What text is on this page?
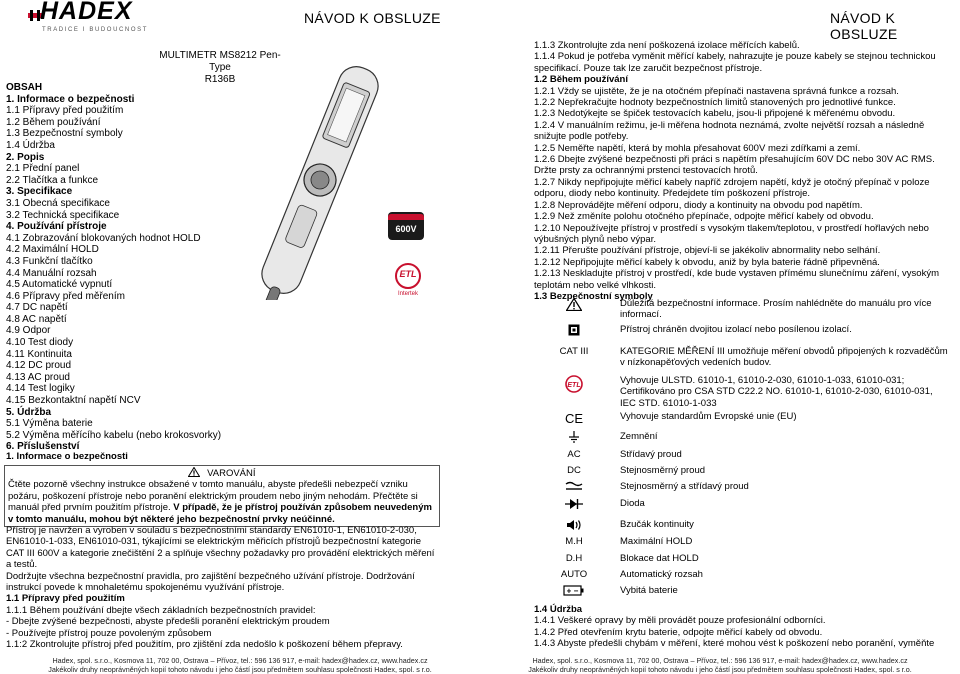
HADEX
TRADICE I BUDOUCNOST
NÁVOD K OBSLUZE
MULTIMETR MS8212 Pen-Type
R136B
OBSAH
1. Informace o bezpečnosti
1.1 Přípravy před použitím
1.2 Během používání
1.3 Bezpečnostní symboly
1.4 Údržba
2. Popis
2.1 Přední panel
2.2 Tlačítka a funkce
3. Specifikace
3.1 Obecná specifikace
3.2 Technická specifikace
4. Používání přístroje
4.1 Zobrazování blokovaných hodnot HOLD
4.2 Maximální HOLD
4.3 Funkční tlačítko
4.4 Manuální rozsah
4.5 Automatické vypnutí
4.6 Přípravy před měřením
4.7 DC napětí
4.8 AC napětí
4.9 Odpor
4.10 Test diody
4.11 Kontinuita
4.12 DC proud
4.13 AC proud
4.14 Test logiky
4.15 Bezkontaktní napětí NCV
5. Údržba
5.1 Výměna baterie
5.2 Výměna měřícího kabelu (nebo krokosvorky)
6. Příslušenství
600V
ETL
Intertek
1. Informace o bezpečnosti
VAROVÁNÍ
Čtěte pozorně všechny instrukce obsažené v tomto manuálu, abyste předešli nebezpečí vzniku požáru, poškození přístroje nebo poranění elektrickým proudem nebo jiným nehodám. Přečtěte si manuál před prvním použitím přístroje. V případě, že je přístroj používán způsobem neuvedeným v tomto manuálu, mohou být některé jeho bezpečnostní prvky neúčinné.
Přístroj je navržen a vyroben v souladu s bezpečnostními standardy EN61010-1, EN61010-2-030, EN61010-1-033, EN61010-031, týkajícími se elektrickým měřicích přístrojů bezpečnostní kategorie CAT III 600V a kategorie znečištění 2 a splňuje všechny požadavky pro provádění elektrických měření a testů.
Dodržujte všechna bezpečnostní pravidla, pro zajištění bezpečného užívání přístroje. Dodržování instrukcí povede k mnohaletému spokojenému využívání přístroje.
1.1 Přípravy před použitím
1.1.1 Během používání dbejte všech základních bezpečnostních pravidel:
- Dbejte zvýšené bezpečnosti, abyste předešli poranění elektrickým proudem
- Používejte přístroj pouze povoleným způsobem
1.1:2 Zkontrolujte přístroj před použitím, pro zjištění zda nedošlo k poškození během přepravy.
Hadex, spol. s.r.o., Kosmova 11, 702 00, Ostrava – Přívoz, tel.: 596 136 917, e-mail: hadex@hadex.cz, www.hadex.cz
Jakékoliv druhy neoprávněných kopií tohoto návodu i jeho částí jsou předmětem souhlasu společnosti Hadex, spol. s r.o.
NÁVOD K OBSLUZE
1.1.3 Zkontrolujte zda není poškozená izolace měřících kabelů.
1.1.4 Pokud je potřeba vyměnit měřící kabely, nahrazujte je pouze kabely se stejnou technickou
specifikací. Pouze tak lze zaručit bezpečnost přístroje.
1.2 Během používání
1.2.1 Vždy se ujistěte, že je na otočném přepínači nastavena správná funkce a rozsah.
1.2.2 Nepřekračujte hodnoty bezpečnostních limitů stanovených pro jednotlivé funkce.
1.2.3 Nedotýkejte se špiček testovacích kabelu, jsou-li připojené k měřenému obvodu.
1.2.4 V manuálním režimu, je-li měřena hodnota neznámá, zvolte největší rozsah a následně
snižujte podle potřeby.
1.2.5 Neměřte napětí, která by mohla přesahovat 600V mezi zdířkami a zemí.
1.2.6 Dbejte zvýšené bezpečnosti při práci s napětím přesahujícím 60V DC nebo 30V AC RMS.
Držte prsty za ochrannými prstenci testovacích hrotů.
1.2.7 Nikdy nepřipojujte měřicí kabely napříč zdrojem napětí, když je otočný přepínač v poloze
odporu, diody nebo kontinuity. Předejdete tím poškození přístroje.
1.2.8 Neprovádějte měření odporu, diody a kontinuity na obvodu pod napětím.
1.2.9 Než změníte polohu otočného přepínače, odpojte měřicí kabely od obvodu.
1.2.10 Nepoužívejte přístroj v prostředí s vysokým tlakem/teplotou, v prostředí hořlavých nebo
výbušných plynů nebo výpar.
1.2.11 Přerušte používání přístroje, objeví-li se jakékoliv abnormality nebo selhání.
1.2.12 Nepřipojujte měřicí kabely k obvodu, aniž by byla baterie řádně připevněná.
1.2.13 Neskladujte přístroj v prostředí, kde bude vystaven přímému slunečnímu záření, vysokým
teplotám nebo velké vlhkosti.
1.3 Bezpečnostní symboly
Hadex, spol. s.r.o., Kosmova 11, 702 00, Ostrava – Přívoz, tel.: 596 136 917, e-mail: hadex@hadex.cz, www.hadex.cz
Jakékoliv druhy neoprávněných kopií tohoto návodu i jeho částí jsou předmětem souhlasu společnosti Hadex, spol. s r.o.
Důležitá bezpečnostní informace. Prosím nahlédněte do manuálu pro více
informací.
Přístroj chráněn dvojitou izolací nebo posílenou izolací.
CAT III	KATEGORIE MĚŘENÍ III umožňuje měření obvodů připojených k rozvaděčům
v nízkonapěťových vedeních budov.
ETL	Vyhovuje ULSTD. 61010-1, 61010-2-030, 61010-1-033, 61010-031;
Certifikováno pro CSA STD C22.2 NO. 61010-1, 61010-2-030, 61010-031,
IEC STD. 61010-1-033
CE	Vyhovuje standardům Evropské unie (EU)
Zemnění
AC	Střídavý proud
DC	Stejnosměrný proud
Stejnosměrný a střídavý proud
Dioda
Bzučák kontinuity
M.H	Maximální HOLD
D.H	Blokace dat HOLD
AUTO	Automatický rozsah
+ −	Vybitá baterie
1.4 Údržba
1.4.1 Veškeré opravy by měli provádět pouze profesionální odborníci.
1.4.2 Před otevřením krytu baterie, odpojte měřicí kabely od obvodu.
1.4.3 Abyste předešli chybám v měření, které mohou vést k poškození nebo poranění, vyměňte
